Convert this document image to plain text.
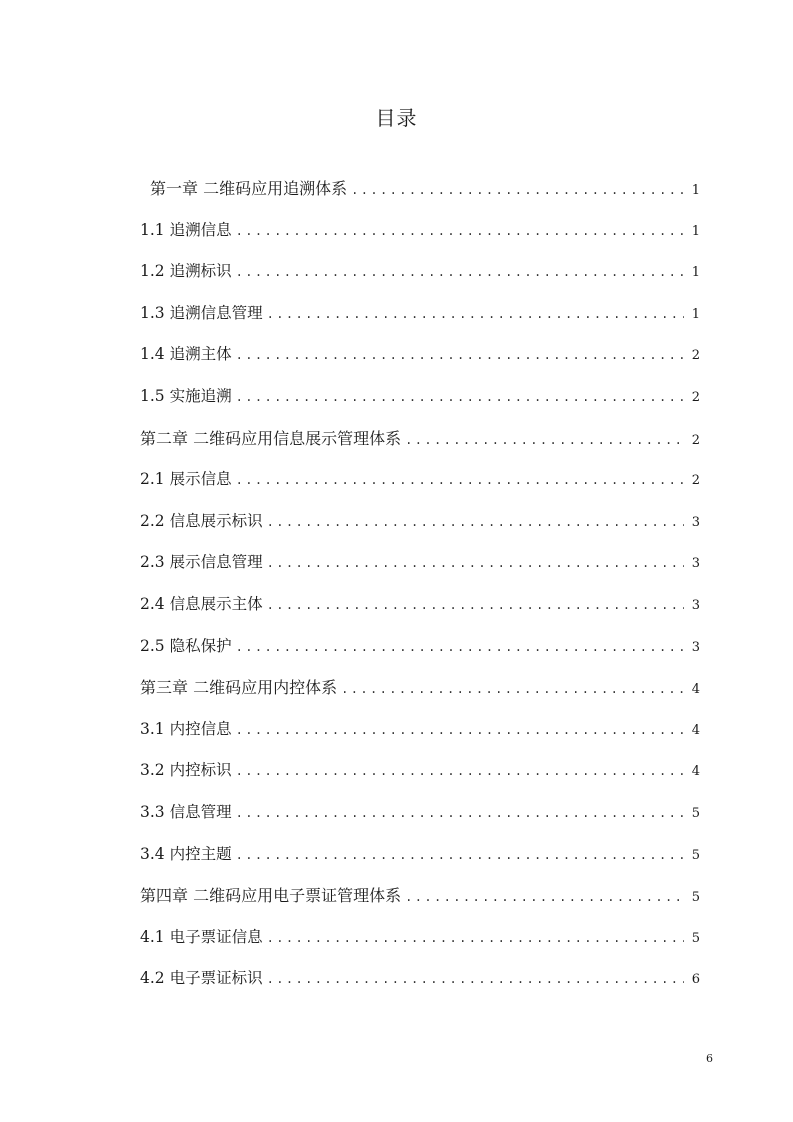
目录
第一章 二维码应用追溯体系 .....	1
1.1 追溯信息 .....	1
1.2 追溯标识 .....	1
1.3 追溯信息管理 .....	1
1.4 追溯主体 .....	2
1.5 实施追溯 .....	2
第二章 二维码应用信息展示管理体系 .....	2
2.1 展示信息 .....	2
2.2 信息展示标识 .....	3
2.3 展示信息管理 .....	3
2.4 信息展示主体 .....	3
2.5 隐私保护 .....	3
第三章 二维码应用内控体系 .....	4
3.1 内控信息 .....	4
3.2 内控标识 .....	4
3.3 信息管理 .....	5
3.4 内控主题 .....	5
第四章 二维码应用电子票证管理体系 .....	5
4.1 电子票证信息 .....	5
4.2 电子票证标识 .....	6
6
